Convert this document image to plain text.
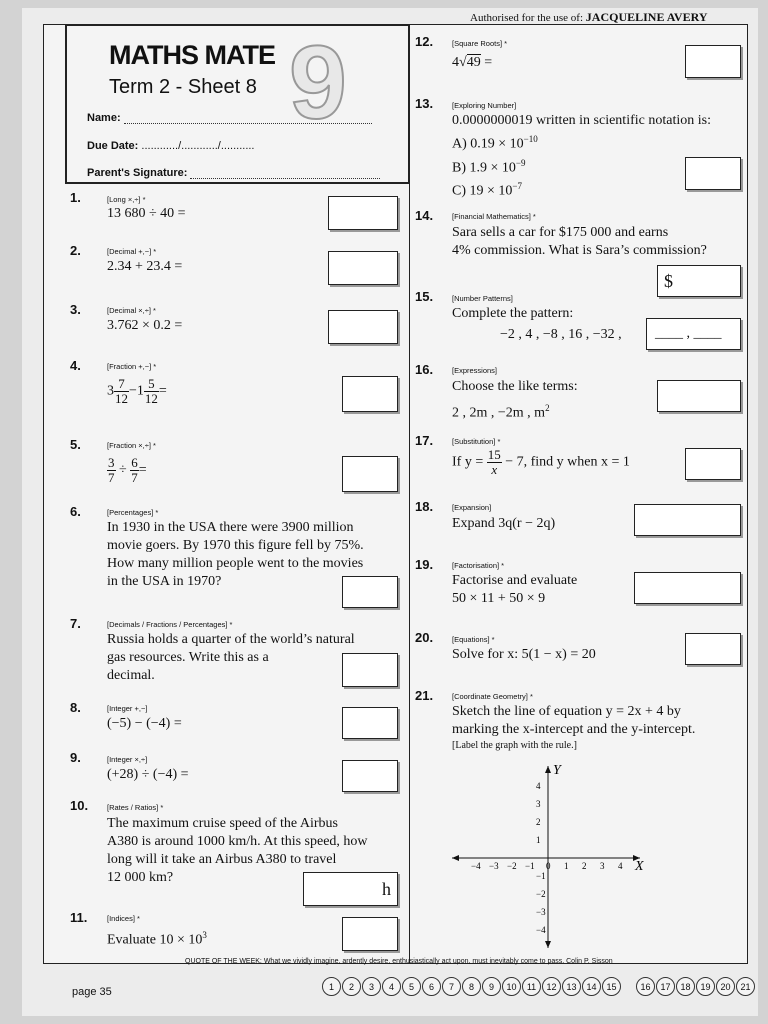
Authorised for the use of: JACQUELINE AVERY
9
MATHS MATE
Term 2 - Sheet 8
Name:
Due Date: ............/............/...........
Parent's Signature:
1.	[Long ×,÷] *
13 680 ÷ 40 =
2.	[Decimal +,−] *
2.34 + 23.4 =
3.	[Decimal ×,÷] *
3.762 × 0.2 =
4.	[Fraction +,−] *
$3 \frac{7}{12} -1 \frac{5}{12}$ =
5.	[Fraction ×,÷] *
$\frac{3}{7} \div \frac{6}{7}$ =
6.	[Percentages] *
In 1930 in the USA there were 3900 million
movie goers. By 1970 this figure fell by 75%.
How many million people went to the movies
in the USA in 1970?
7.	[Decimals / Fractions / Percentages] *
Russia holds a quarter of the world’s natural
gas resources. Write this as a
decimal.
8.	[Integer +,−]
(−5) − (−4) =
9.	[Integer ×,÷]
(+28) ÷ (−4) =
10.	[Rates / Ratios] *
The maximum cruise speed of the Airbus
A380 is around 1000 km/h. At this speed, how
long will it take an Airbus A380 to travel
12 000 km?
h
11.	[Indices] *
Evaluate $10 \times 10^3$
12.	[Square Roots] *
4√49 =
13.	[Exploring Number]
0.0000000019 written in scientific notation is:
A) $0.19 \times 10^{-10}$
B) $1.9 \times 10^{-9}$
C) $19 \times 10^{-7}$
14.	[Financial Mathematics] *
Sara sells a car for $175 000 and earns
4% commission. What is Sara’s commission?
$
15.	[Number Patterns]
Complete the pattern:
−2 , 4 , −8 , 16 , −32 , ____ , ____
16.	[Expressions]
Choose the like terms:
2 , 2m , −2m , $m^2$
17.	[Substitution] *
If $y = \frac{15}{x} - 7$, find y when x = 1
18.	[Expansion]
Expand 3q(r − 2q)
19.	[Factorisation] *
Factorise and evaluate
50 × 11 + 50 × 9
20.	[Equations] *
Solve for x: 5(1 − x) = 20
21.	[Coordinate Geometry] *
Sketch the line of equation y = 2x + 4 by
marking the x-intercept and the y-intercept.
[Label the graph with the rule.]
X
Y
−4 −3 −2 −1 0 1 2 3 4
4
3
2
1
−1
−2
−3
−4
QUOTE OF THE WEEK: What we vividly imagine, ardently desire, enthusiastically act upon, must inevitably come to pass. Colin P. Sisson
page 35	1	2	3	4	5	6	7	8	9	10	11	12	13	14	15	16	17	18	19	20	21
